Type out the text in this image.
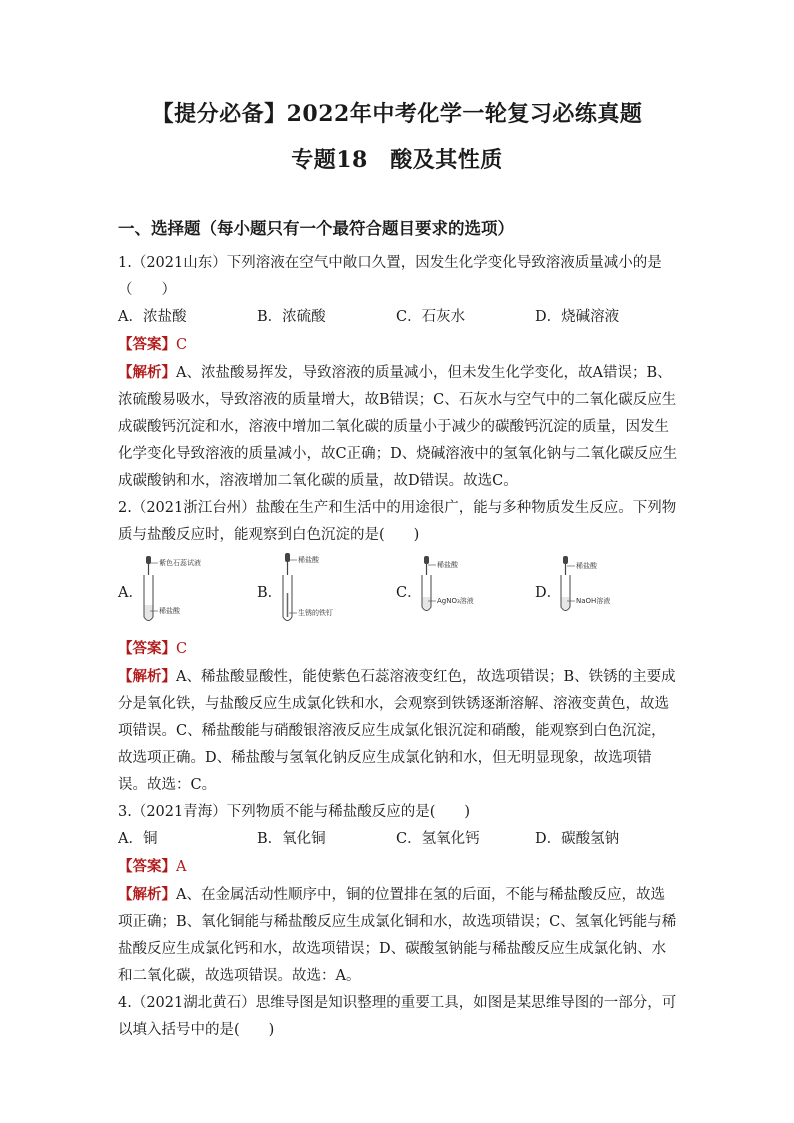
【提分必备】2022年中考化学一轮复习必练真题
专题18　酸及其性质
一、选择题（每小题只有一个最符合题目要求的选项）
1.（2021山东）下列溶液在空气中敞口久置，因发生化学变化导致溶液质量减小的是
（　　）
A．浓盐酸	B．浓硫酸	C．石灰水	D．烧碱溶液
【答案】C
【解析】A、浓盐酸易挥发，导致溶液的质量减小，但未发生化学变化，故A错误；B、浓硫酸易吸水，导致溶液的质量增大，故B错误；C、石灰水与空气中的二氧化碳反应生成碳酸钙沉淀和水，溶液中增加二氧化碳的质量小于减少的碳酸钙沉淀的质量，因发生化学变化导致溶液的质量减小，故C正确；D、烧碱溶液中的氢氧化钠与二氧化碳反应生成碳酸钠和水，溶液增加二氧化碳的质量，故D错误。故选C。
2.（2021浙江台州）盐酸在生产和生活中的用途很广，能与多种物质发生反应。下列物质与盐酸反应时，能观察到白色沉淀的是(　　)
A．
紫色石蕊试液
稀盐酸
B．
稀盐酸
生锈的铁钉
C．
稀盐酸
AgNO₃溶液	D．
稀盐酸
NaOH溶液
【答案】C
【解析】A、稀盐酸显酸性，能使紫色石蕊溶液变红色，故选项错误；B、铁锈的主要成分是氧化铁，与盐酸反应生成氯化铁和水，会观察到铁锈逐渐溶解、溶液变黄色，故选项错误。C、稀盐酸能与硝酸银溶液反应生成氯化银沉淀和硝酸，能观察到白色沉淀，故选项正确。D、稀盐酸与氢氧化钠反应生成氯化钠和水，但无明显现象，故选项错误。故选：C。
3.（2021青海）下列物质不能与稀盐酸反应的是(　　)
A．铜	B．氧化铜	C．氢氧化钙	D．碳酸氢钠
【答案】A
【解析】A、在金属活动性顺序中，铜的位置排在氢的后面，不能与稀盐酸反应，故选项正确；B、氧化铜能与稀盐酸反应生成氯化铜和水，故选项错误；C、氢氧化钙能与稀盐酸反应生成氯化钙和水，故选项错误；D、碳酸氢钠能与稀盐酸反应生成氯化钠、水和二氧化碳，故选项错误。故选：A。
4.（2021湖北黄石）思维导图是知识整理的重要工具，如图是某思维导图的一部分，可以填入括号中的是(　　)
